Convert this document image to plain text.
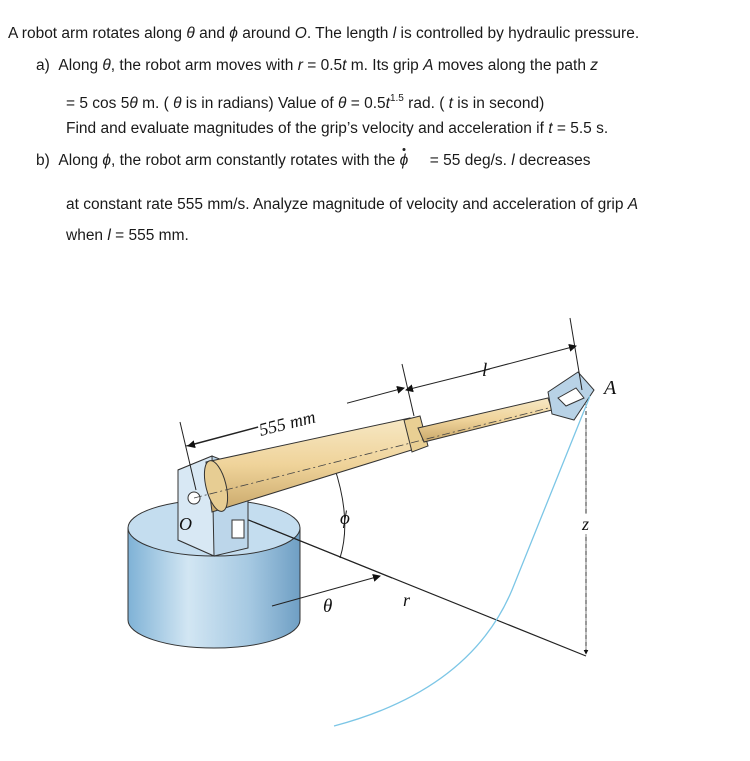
A robot arm rotates along θ and ϕ around O. The length l is controlled by hydraulic pressure.
a) Along θ, the robot arm moves with r = 0.5t m. Its grip A moves along the path z
= 5 cos 5θ m. ( θ is in radians) Value of $\theta = 0.5t^{1.5}$ rad. ( t is in second)
Find and evaluate magnitudes of the grip’s velocity and acceleration if t = 5.5 s.
b) Along ϕ, the robot arm constantly rotates with the ϕ = 55 deg/s. l decreases
at constant rate 555 mm/s. Analyze magnitude of velocity and acceleration of grip A
when l = 555 mm.
555 mm
l
A
O	ϕ
θ	r
z
